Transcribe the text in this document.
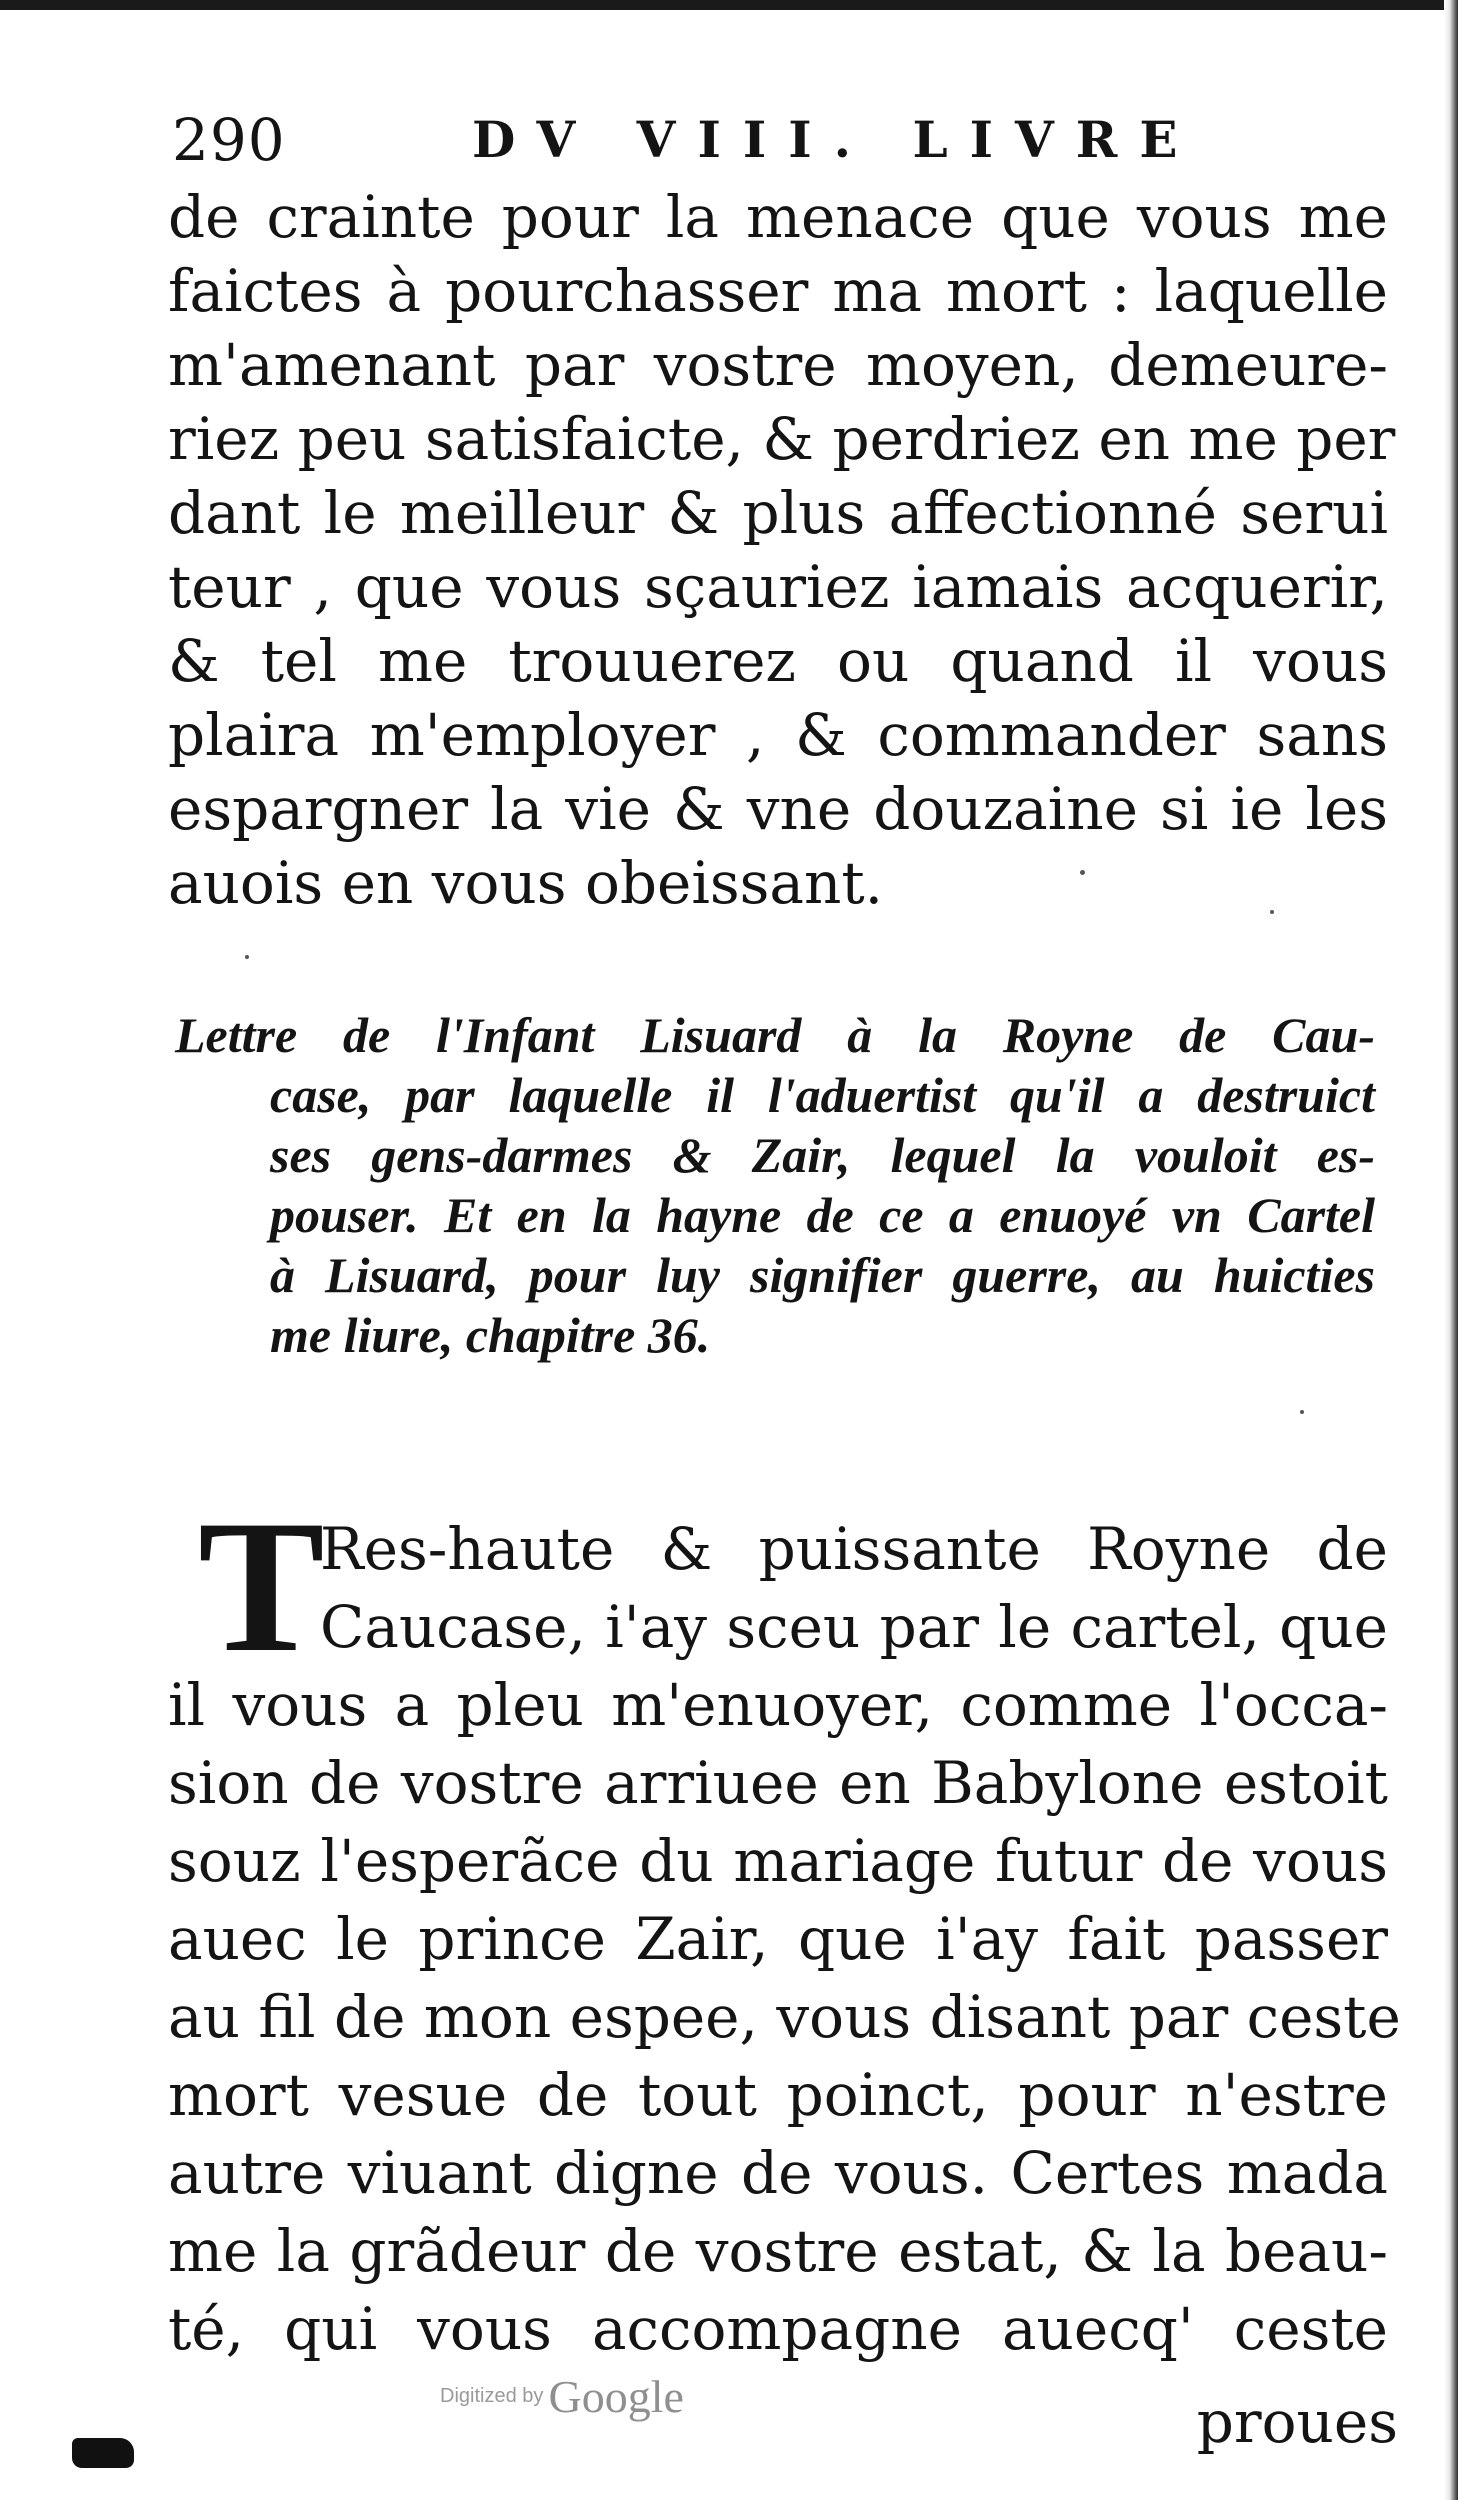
290	DV VIII. LIVRE
de crainte pour la menace que vous me
faictes à pourchasser ma mort : laquelle
m'amenant par vostre moyen, demeure-
riez peu satisfaicte, & perdriez en me per
dant le meilleur & plus affectionné serui
teur , que vous sçauriez iamais acquerir,
& tel me trouuerez ou quand il vous
plaira m'employer , & commander sans
espargner la vie & vne douzaine si ie les
auois en vous obeissant.
Lettre de l'Infant Lisuard à la Royne de Cau-
case, par laquelle il l'aduertist qu'il a destruict
ses gens-darmes & Zair, lequel la vouloit es-
pouser. Et en la hayne de ce a enuoyé vn Cartel
à Lisuard, pour luy signifier guerre, au huicties
me liure, chapitre 36.
T
Res-haute & puissante Royne de
Caucase, i'ay sceu par le cartel, que
il vous a pleu m'enuoyer, comme l'occa-
sion de vostre arriuee en Babylone estoit
souz l'esperãce du mariage futur de vous
auec le prince Zair, que i'ay fait passer
au fil de mon espee, vous disant par ceste
mort vesue de tout poinct, pour n'estre
autre viuant digne de vous. Certes mada
me la grãdeur de vostre estat, & la beau-
té, qui vous accompagne auecq' ceste
Digitized by Google	proues
